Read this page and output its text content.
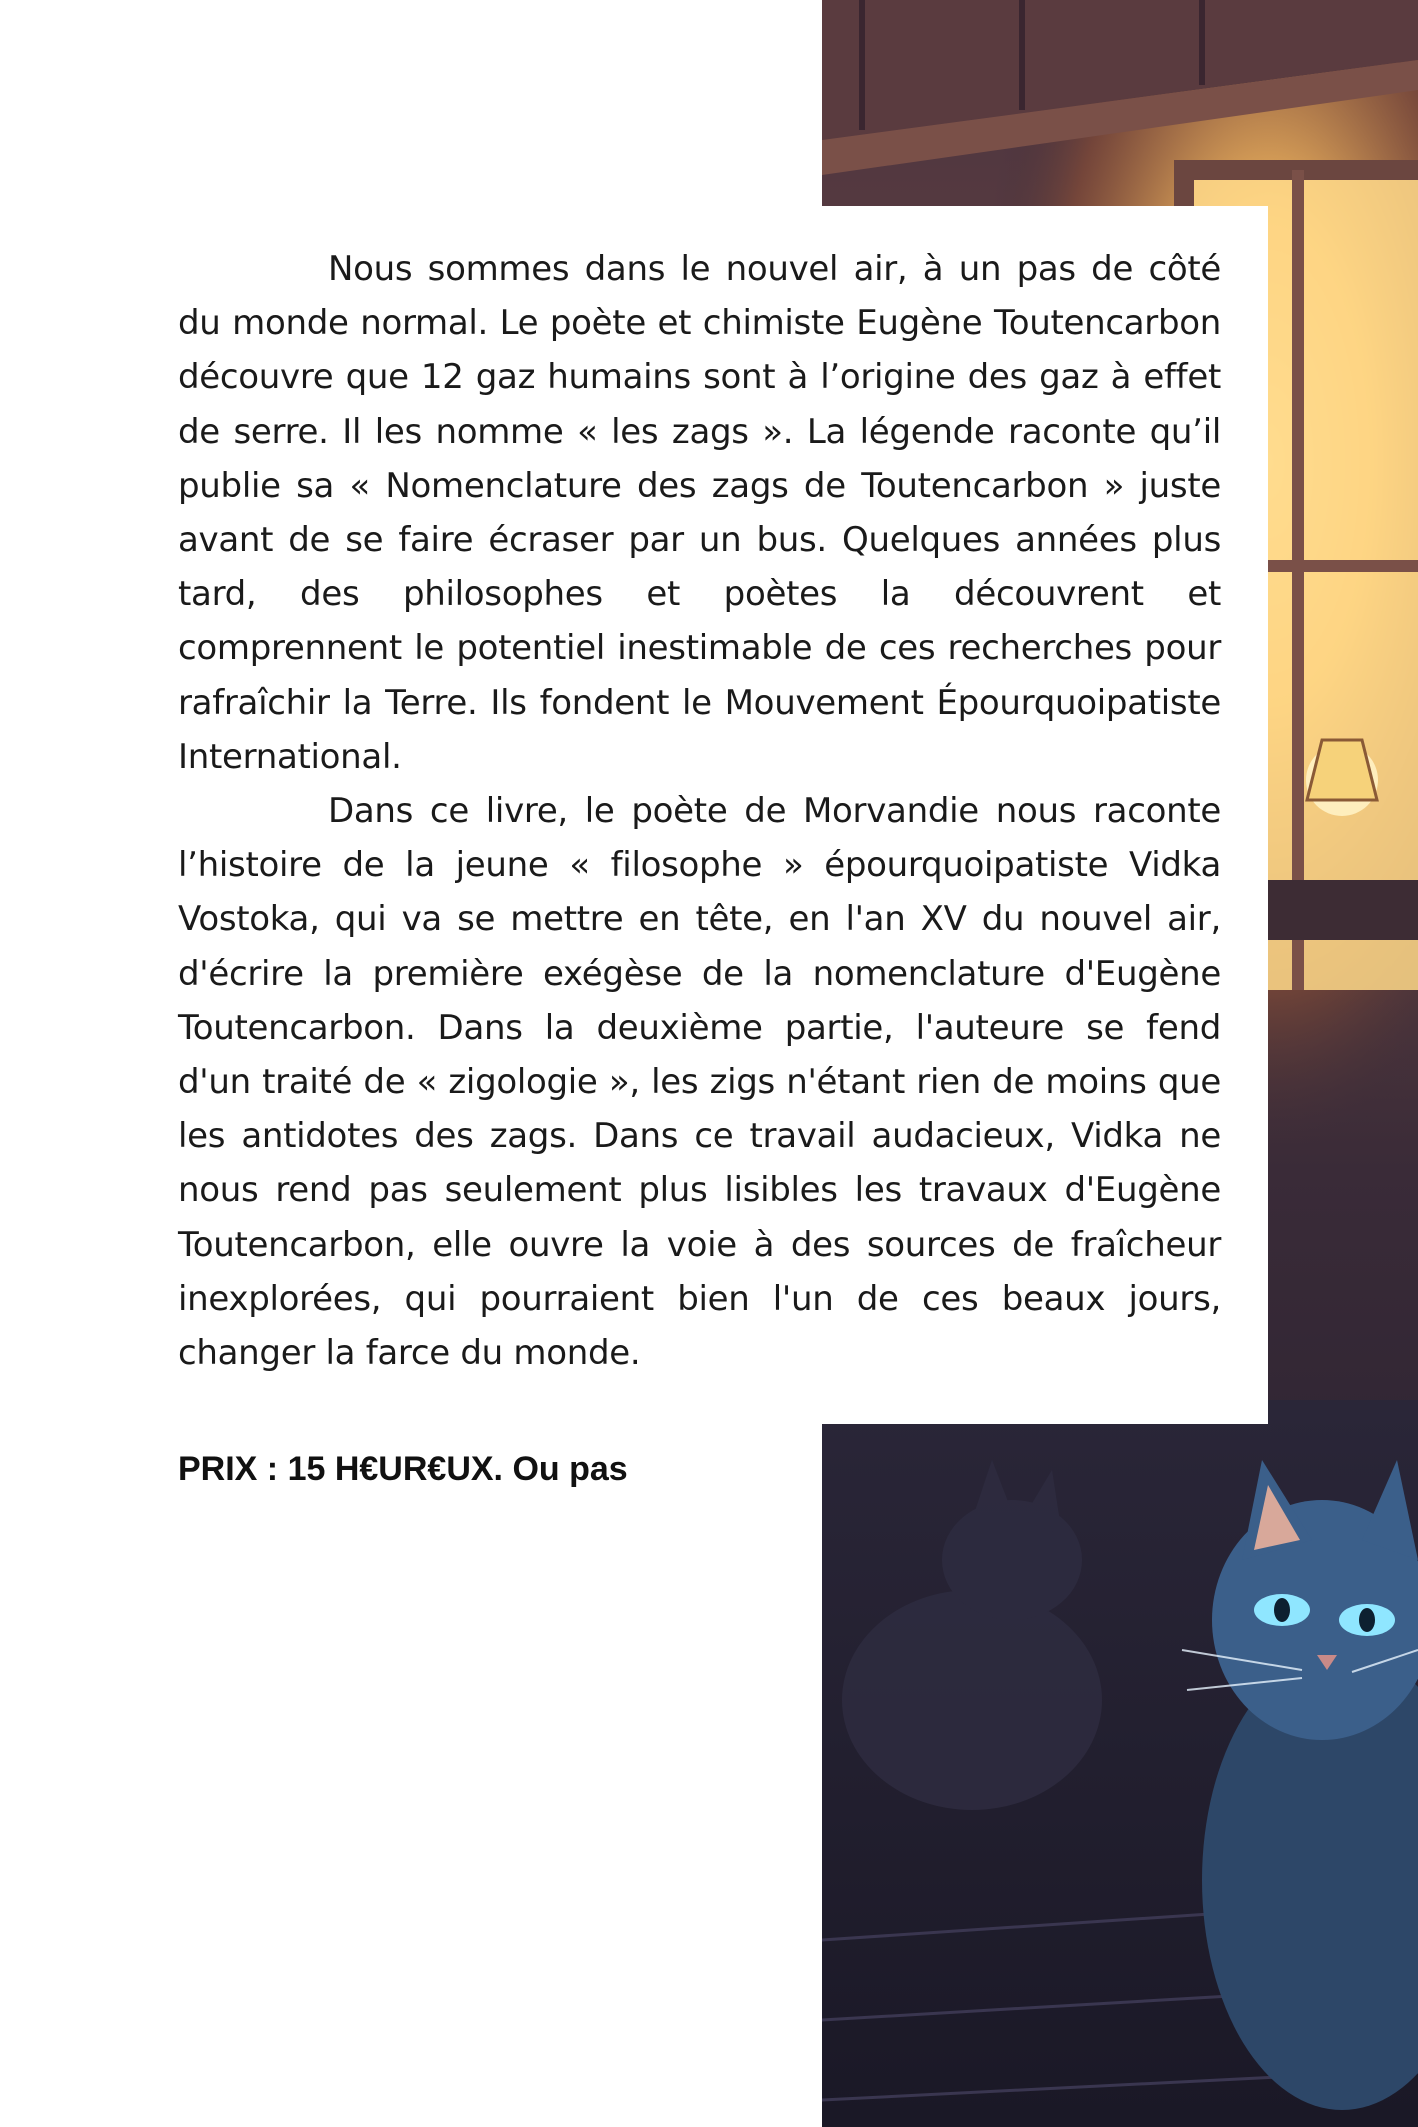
Nous sommes dans le nouvel air, à un pas de côté du monde normal. Le poète et chimiste Eugène Toutencarbon découvre que 12 gaz humains sont à l’origine des gaz à effet de serre. Il les nomme « les zags ». La légende raconte qu’il publie sa « Nomenclature des zags de Toutencarbon » juste avant de se faire écraser par un bus. Quelques années plus tard, des philosophes et poètes la découvrent et comprennent le potentiel inestimable de ces recherches pour rafraîchir la Terre. Ils fondent le Mouvement Épourquoipatiste International.

Dans ce livre, le poète de Morvandie nous raconte l’histoire de la jeune « filosophe » épourquoipatiste Vidka Vostoka, qui va se mettre en tête, en l'an XV du nouvel air, d'écrire la première exégèse de la nomenclature d'Eugène Toutencarbon. Dans la deuxième partie, l'auteure se fend d'un traité de « zigologie », les zigs n'étant rien de moins que les antidotes des zags. Dans ce travail audacieux, Vidka ne nous rend pas seulement plus lisibles les travaux d'Eugène Toutencarbon, elle ouvre la voie à des sources de fraîcheur inexplorées, qui pourraient bien l'un de ces beaux jours, changer la farce du monde.

PRIX : 15 H€UR€UX. Ou pas
